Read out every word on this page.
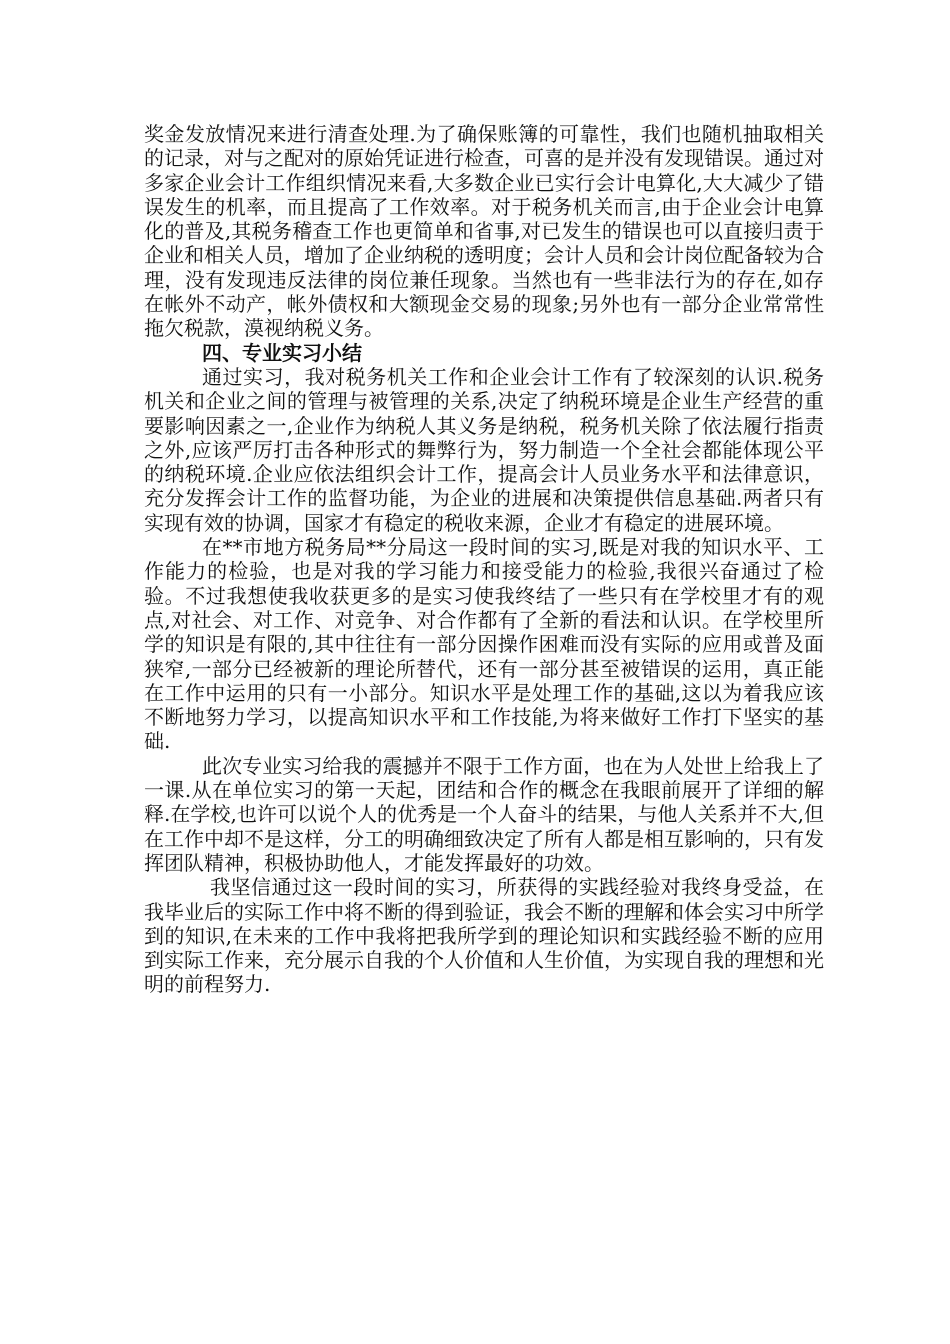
奖金发放情况来进行清查处理.为了确保账簿的可靠性，我们也随机抽取相关的记录，对与之配对的原始凭证进行检查，可喜的是并没有发现错误。通过对多家企业会计工作组织情况来看,大多数企业已实行会计电算化,大大减少了错误发生的机率，而且提高了工作效率。对于税务机关而言,由于企业会计电算化的普及,其税务稽查工作也更简单和省事,对已发生的错误也可以直接归责于企业和相关人员，增加了企业纳税的透明度；会计人员和会计岗位配备较为合理，没有发现违反法律的岗位兼任现象。当然也有一些非法行为的存在,如存在帐外不动产，帐外债权和大额现金交易的现象;另外也有一部分企业常常性拖欠税款，漠视纳税义务。

四、专业实习小结

通过实习，我对税务机关工作和企业会计工作有了较深刻的认识.税务机关和企业之间的管理与被管理的关系,决定了纳税环境是企业生产经营的重要影响因素之一,企业作为纳税人其义务是纳税，税务机关除了依法履行指责之外,应该严厉打击各种形式的舞弊行为，努力制造一个全社会都能体现公平的纳税环境.企业应依法组织会计工作，提高会计人员业务水平和法律意识，充分发挥会计工作的监督功能，为企业的进展和决策提供信息基础.两者只有实现有效的协调，国家才有稳定的税收来源，企业才有稳定的进展环境。

在**市地方税务局**分局这一段时间的实习,既是对我的知识水平、工作能力的检验，也是对我的学习能力和接受能力的检验,我很兴奋通过了检验。不过我想使我收获更多的是实习使我终结了一些只有在学校里才有的观点,对社会、对工作、对竞争、对合作都有了全新的看法和认识。在学校里所学的知识是有限的,其中往往有一部分因操作困难而没有实际的应用或普及面狭窄,一部分已经被新的理论所替代，还有一部分甚至被错误的运用，真正能在工作中运用的只有一小部分。知识水平是处理工作的基础,这以为着我应该不断地努力学习，以提高知识水平和工作技能,为将来做好工作打下坚实的基础.

此次专业实习给我的震撼并不限于工作方面，也在为人处世上给我上了一课.从在单位实习的第一天起，团结和合作的概念在我眼前展开了详细的解释.在学校,也许可以说个人的优秀是一个人奋斗的结果，与他人关系并不大,但在工作中却不是这样，分工的明确细致决定了所有人都是相互影响的，只有发挥团队精神，积极协助他人，才能发挥最好的功效。

我坚信通过这一段时间的实习，所获得的实践经验对我终身受益，在我毕业后的实际工作中将不断的得到验证，我会不断的理解和体会实习中所学到的知识,在未来的工作中我将把我所学到的理论知识和实践经验不断的应用到实际工作来，充分展示自我的个人价值和人生价值，为实现自我的理想和光明的前程努力.
